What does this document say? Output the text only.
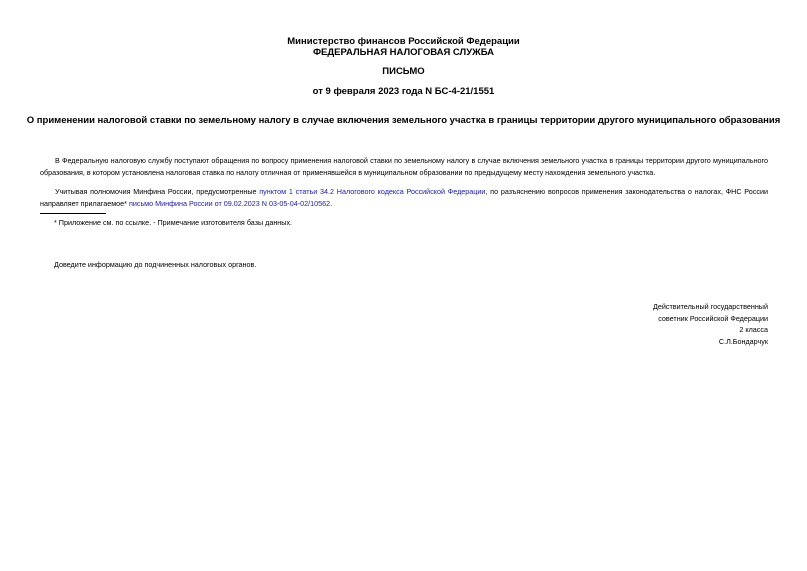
Министерство финансов Российской Федерации
ФЕДЕРАЛЬНАЯ НАЛОГОВАЯ СЛУЖБА
ПИСЬМО
от 9 февраля 2023 года N БС-4-21/1551
О применении налоговой ставки по земельному налогу в случае включения земельного участка в границы территории другого муниципального образования
В Федеральную налоговую службу поступают обращения по вопросу применения налоговой ставки по земельному налогу в случае включения земельного участка в границы территории другого муниципального образования, в котором установлена налоговая ставка по налогу отличная от применявшейся в муниципальном образовании по предыдущему месту нахождения земельного участка.
Учитывая полномочия Минфина России, предусмотренные пунктом 1 статьи 34.2 Налогового кодекса Российской Федерации, по разъяснению вопросов применения законодательства о налогах, ФНС России направляет прилагаемое* письмо Минфина России от 09.02.2023 N 03-05-04-02/10562.
* Приложение см. по ссылке. - Примечание изготовителя базы данных.
Доведите информацию до подчиненных налоговых органов.
Действительный государственный
советник Российской Федерации
2 класса
С.Л.Бондарчук
